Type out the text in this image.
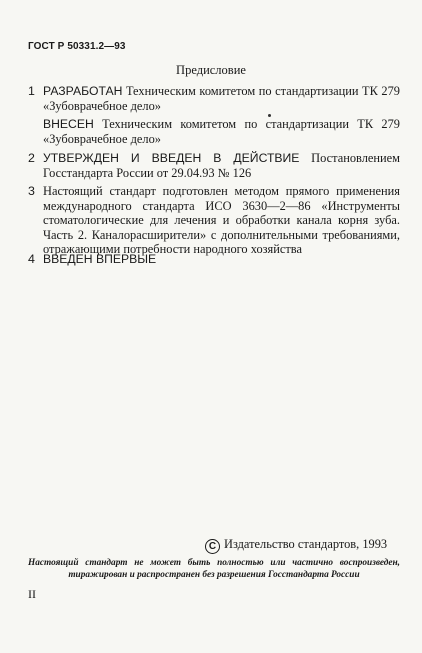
ГОСТ Р 50331.2—93
Предисловие
1 РАЗРАБОТАН Техническим комитетом по стандартизации ТК 279 «Зубоврачебное дело»
ВНЕСЕН Техническим комитетом по стандартизации ТК 279 «Зубоврачебное дело»
2 УТВЕРЖДЕН И ВВЕДЕН В ДЕЙСТВИЕ Постановлением Госстандарта России от 29.04.93 № 126
3 Настоящий стандарт подготовлен методом прямого применения международного стандарта ИСО 3630—2—86 «Инструменты стоматологические для лечения и обработки канала корня зуба. Часть 2. Каналорасширители» с дополнительными требованиями, отражающими потребности народного хозяйства
4 ВВЕДЕН ВПЕРВЫЕ
С Издательство стандартов, 1993
Настоящий стандарт не может быть полностью или частично воспроизведен,
тиражирован и распространен без разрешения Госстандарта России
II
